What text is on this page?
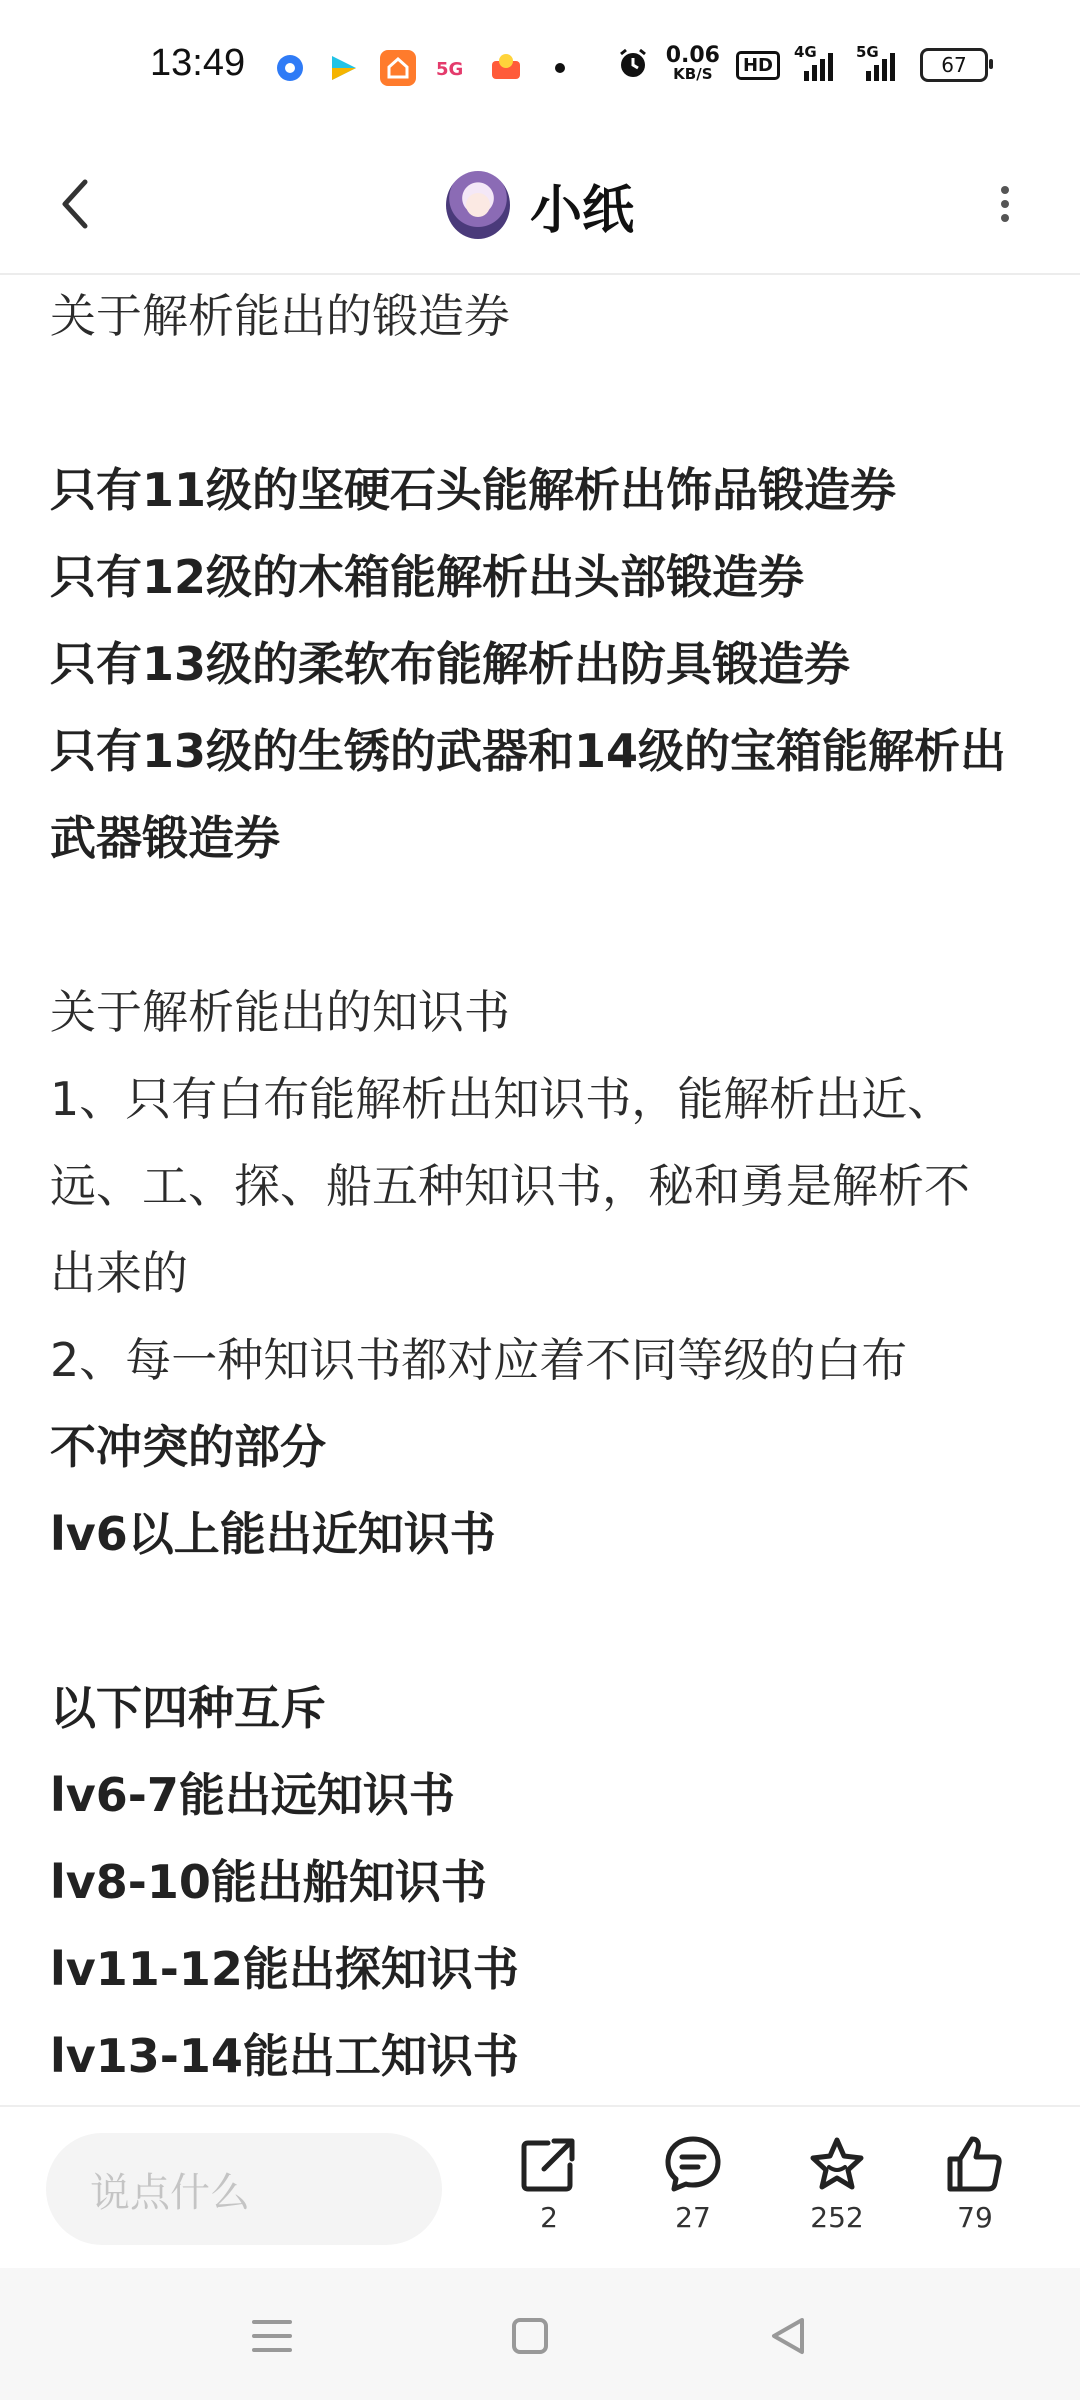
13:49	5G
0.06
KB/S	HD
4G	5G
67
小纸
关于解析能出的锻造券
只有11级的坚硬石头能解析出饰品锻造券
只有12级的木箱能解析出头部锻造券
只有13级的柔软布能解析出防具锻造券
只有13级的生锈的武器和14级的宝箱能解析出
武器锻造券
关于解析能出的知识书
1、只有白布能解析出知识书，能解析出近、
远、工、探、船五种知识书，秘和勇是解析不
出来的
2、每一种知识书都对应着不同等级的白布
不冲突的部分
lv6以上能出近知识书
以下四种互斥
lv6-7能出远知识书
lv8-10能出船知识书
lv11-12能出探知识书
lv13-14能出工知识书
说点什么
2	27	252	79
